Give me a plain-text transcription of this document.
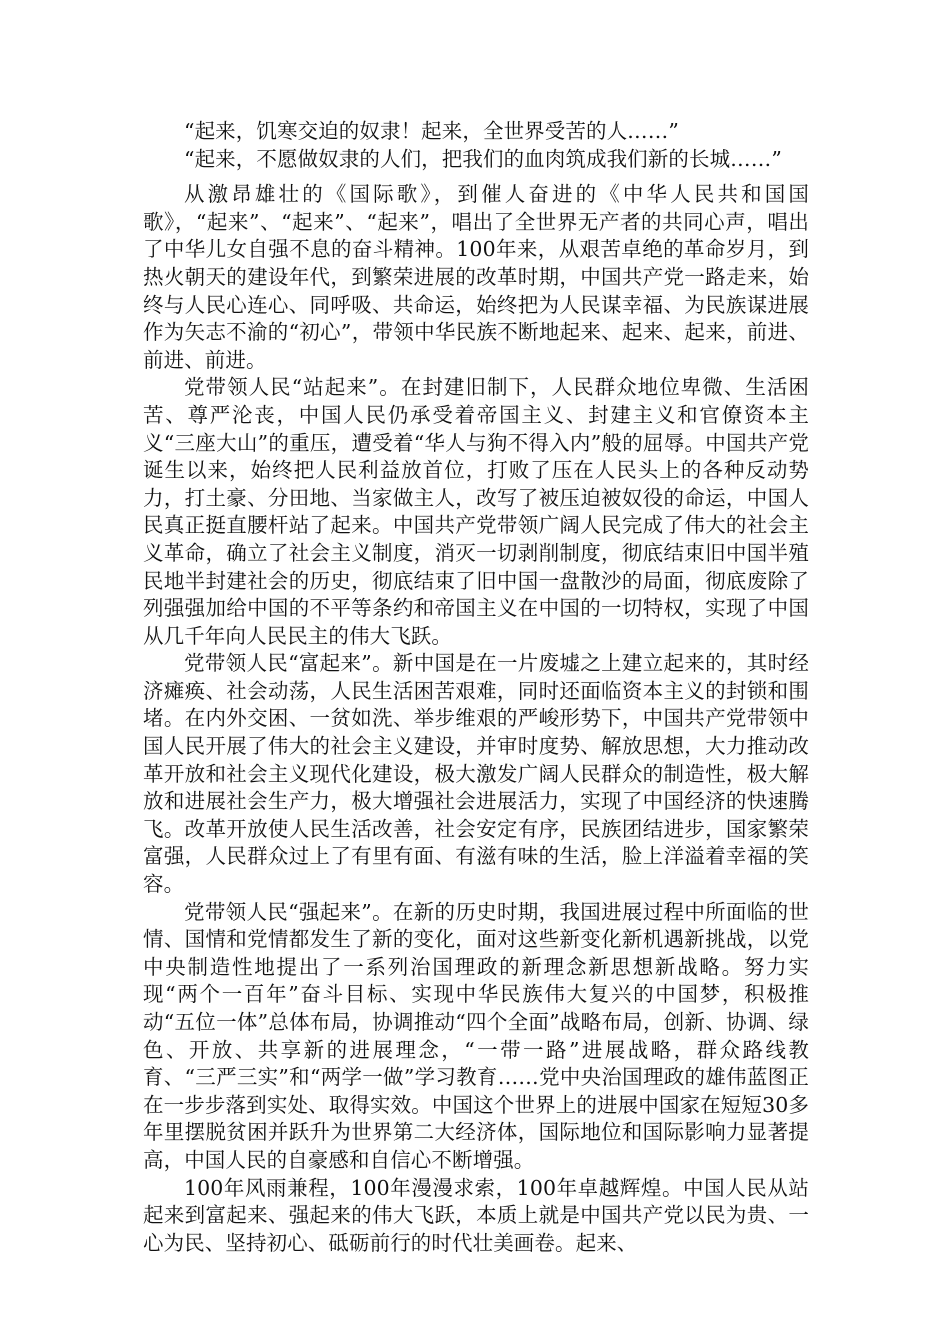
“起来，饥寒交迫的奴隶！起来，全世界受苦的人……”

“起来，不愿做奴隶的人们，把我们的血肉筑成我们新的长城……”

从激昂雄壮的《国际歌》，到催人奋进的《中华人民共和国国歌》，“起来”、“起来”、“起来”，唱出了全世界无产者的共同心声，唱出了中华儿女自强不息的奋斗精神。100年来，从艰苦卓绝的革命岁月，到热火朝天的建设年代，到繁荣进展的改革时期，中国共产党一路走来，始终与人民心连心、同呼吸、共命运，始终把为人民谋幸福、为民族谋进展作为矢志不渝的“初心”，带领中华民族不断地起来、起来、起来，前进、前进、前进。

党带领人民“站起来”。在封建旧制下，人民群众地位卑微、生活困苦、尊严沦丧，中国人民仍承受着帝国主义、封建主义和官僚资本主义“三座大山”的重压，遭受着“华人与狗不得入内”般的屈辱。中国共产党诞生以来，始终把人民利益放首位，打败了压在人民头上的各种反动势力，打土豪、分田地、当家做主人，改写了被压迫被奴役的命运，中国人民真正挺直腰杆站了起来。中国共产党带领广阔人民完成了伟大的社会主义革命，确立了社会主义制度，消灭一切剥削制度，彻底结束旧中国半殖民地半封建社会的历史，彻底结束了旧中国一盘散沙的局面，彻底废除了列强强加给中国的不平等条约和帝国主义在中国的一切特权，实现了中国从几千年向人民民主的伟大飞跃。

党带领人民“富起来”。新中国是在一片废墟之上建立起来的，其时经济瘫痪、社会动荡，人民生活困苦艰难，同时还面临资本主义的封锁和围堵。在内外交困、一贫如洗、举步维艰的严峻形势下，中国共产党带领中国人民开展了伟大的社会主义建设，并审时度势、解放思想，大力推动改革开放和社会主义现代化建设，极大激发广阔人民群众的制造性，极大解放和进展社会生产力，极大增强社会进展活力，实现了中国经济的快速腾飞。改革开放使人民生活改善，社会安定有序，民族团结进步，国家繁荣富强，人民群众过上了有里有面、有滋有味的生活，脸上洋溢着幸福的笑容。

党带领人民“强起来”。在新的历史时期，我国进展过程中所面临的世情、国情和党情都发生了新的变化，面对这些新变化新机遇新挑战，以党中央制造性地提出了一系列治国理政的新理念新思想新战略。努力实现“两个一百年”奋斗目标、实现中华民族伟大复兴的中国梦，积极推动“五位一体”总体布局，协调推动“四个全面”战略布局，创新、协调、绿色、开放、共享新的进展理念，“一带一路”进展战略，群众路线教育、“三严三实”和“两学一做”学习教育……党中央治国理政的雄伟蓝图正在一步步落到实处、取得实效。中国这个世界上的进展中国家在短短30多年里摆脱贫困并跃升为世界第二大经济体，国际地位和国际影响力显著提高，中国人民的自豪感和自信心不断增强。

100年风雨兼程，100年漫漫求索，100年卓越辉煌。中国人民从站起来到富起来、强起来的伟大飞跃，本质上就是中国共产党以民为贵、一心为民、坚持初心、砥砺前行的时代壮美画卷。起来、
